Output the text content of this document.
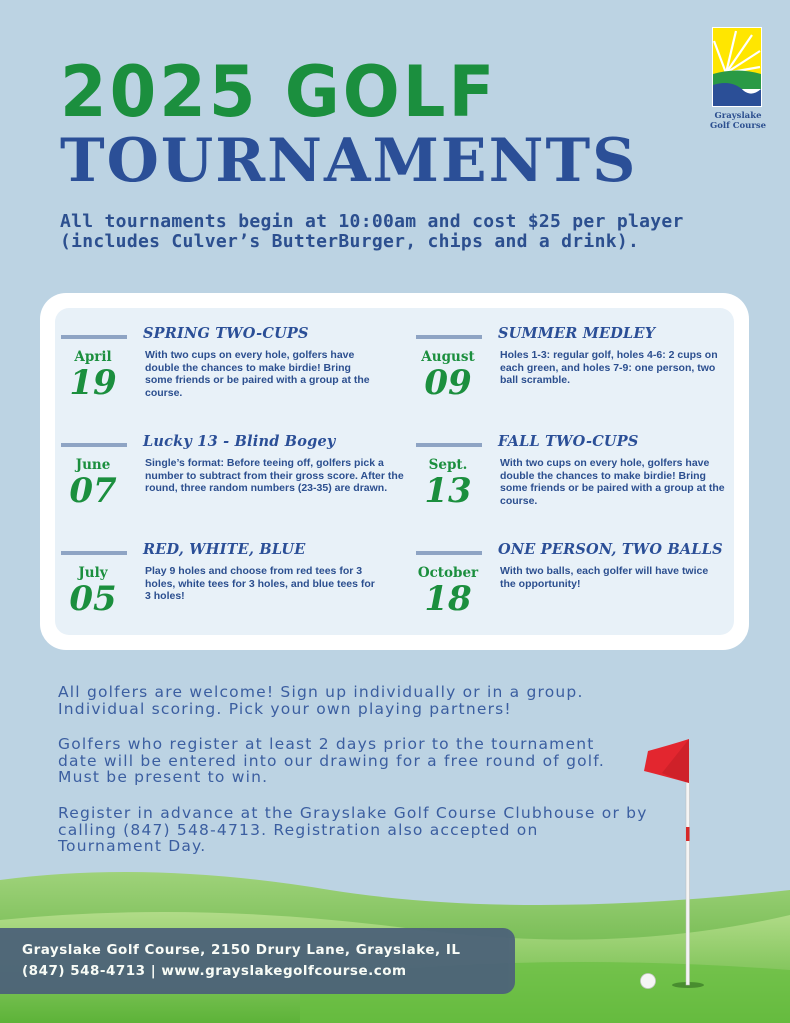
Grayslake
Golf Course
2025 GOLF
TOURNAMENTS
All tournaments begin at 10:00am and cost $25 per player (includes Culver’s ButterBurger, chips and a drink).
SPRING TWO-CUPS
April
19
With two cups on every hole, golfers have double the chances to make birdie! Bring some friends or be paired with a group at the course.
SUMMER MEDLEY
August
09
Holes 1-3: regular golf, holes 4-6: 2 cups on each green, and holes 7-9: one person, two ball scramble.
Lucky 13 - Blind Bogey
June
07
Single’s format: Before teeing off, golfers pick a number to subtract from their gross score. After the round, three random numbers (23-35) are drawn.
FALL TWO-CUPS
Sept.
13
With two cups on every hole, golfers have double the chances to make birdie! Bring some friends or be paired with a group at the course.
RED, WHITE, BLUE
July
05
Play 9 holes and choose from red tees for 3 holes, white tees for 3 holes, and blue tees for 3 holes!
ONE PERSON, TWO BALLS
October
18
With two balls, each golfer will have twice the opportunity!
All golfers are welcome! Sign up individually or in a group. Individual scoring. Pick your own playing partners!
Golfers who register at least 2 days prior to the tournament date will be entered into our drawing for a free round of golf. Must be present to win.
Register in advance at the Grayslake Golf Course Clubhouse or by calling (847) 548-4713. Registration also accepted on Tournament Day.
Grayslake Golf Course, 2150 Drury Lane, Grayslake, IL
(847) 548-4713 | www.grayslakegolfcourse.com
